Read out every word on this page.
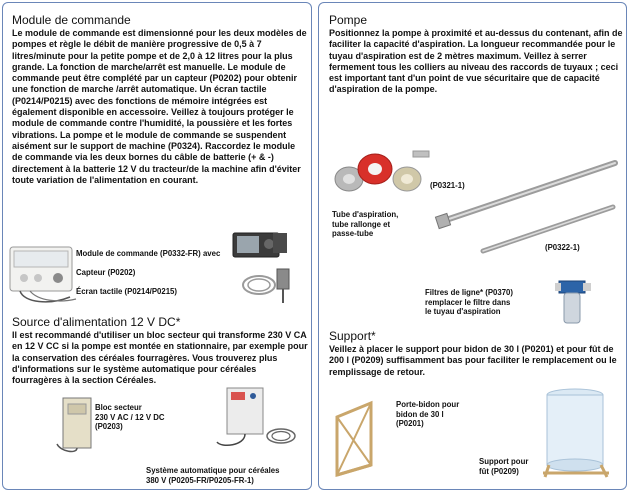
Module de commande
Le module de commande est dimensionné pour les deux modèles de pompes et règle le débit de manière progressive de 0,5 à 7 litres/minute pour la petite pompe et de 2,0 à 12 litres pour la plus grande. La fonction de marche/arrêt est manuelle. Le module de commande peut être complété par un capteur (P0202) pour obtenir une fonction de marche /arrêt automatique. Un écran tactile (P0214/P0215) avec des fonctions de mémoire intégrées est également disponible en accessoire. Veillez à toujours protéger le module de commande contre l'humidité, la poussière et les fortes vibrations. La pompe et le module de commande se suspendent aisément sur le support de machine (P0324). Raccordez le module de commande via les deux bornes du câble de batterie (+ & -) directement à la batterie 12 V du tracteur/de la machine afin d'éviter toute variation de l'alimentation en courant.
Module de commande (P0332-FR) avec
Capteur (P0202)
Écran tactile (P0214/P0215)
Source d'alimentation 12 V DC*
Il est recommandé d'utiliser un bloc secteur qui transforme 230 V CA en 12 V CC si la pompe est montée en stationnaire, par exemple pour la conservation des céréales fourragères. Vous trouverez plus d'informations sur le système automatique pour céréales fourragères à la section Céréales.
Bloc secteur
230 V AC / 12 V DC
(P0203)
Système automatique pour céréales
380 V (P0205-FR/P0205-FR-1)
Pompe
Positionnez la pompe à proximité et au-dessus du contenant, afin de faciliter la capacité d'aspiration. La longueur recommandée pour le tuyau d'aspiration est de 2 mètres maximum. Veillez à serrer fermement tous les colliers au niveau des raccords de tuyaux ; ceci est important tant d'un point de vue sécuritaire que de capacité d'aspiration de la pompe.
Tube d'aspiration,
tube rallonge et
passe-tube
(P0321-1)
(P0322-1)
Filtres de ligne* (P0370)
remplacer le filtre dans
le tuyau d'aspiration
Support*
Veillez à placer le support pour bidon de 30 l (P0201) et pour fût de 200 l (P0209) suffisamment bas pour faciliter le remplacement ou le remplissage de retour.
Porte-bidon pour
bidon de 30 l
(P0201)
Support pour
fût (P0209)
